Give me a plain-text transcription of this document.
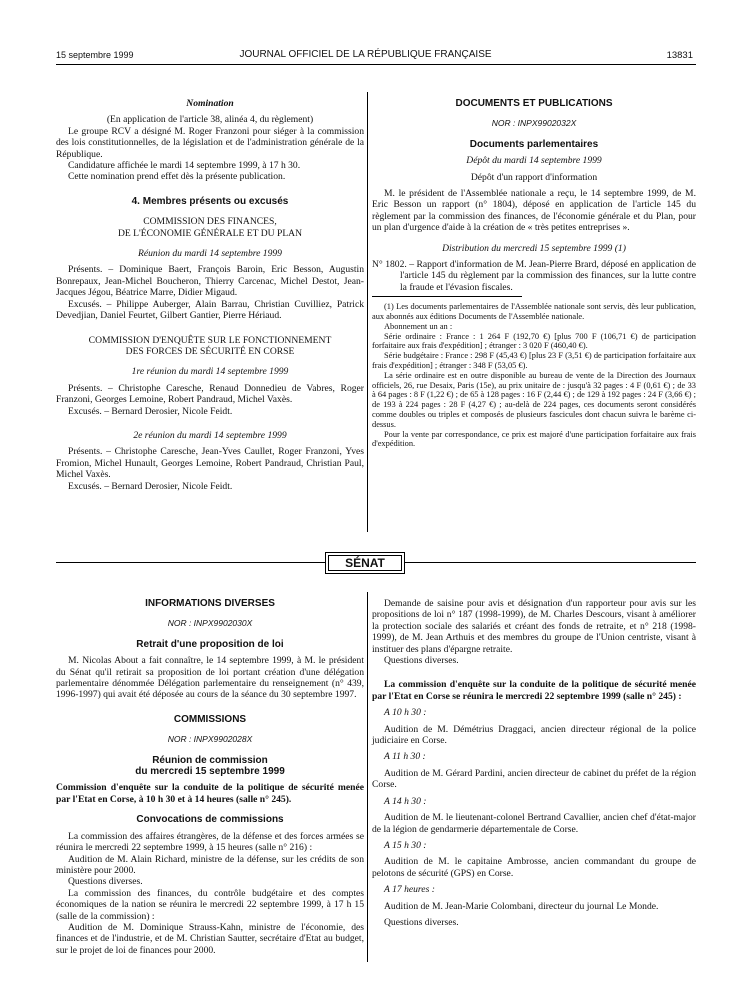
15 septembre 1999	JOURNAL OFFICIEL DE LA RÉPUBLIQUE FRANÇAISE	13831

Nomination

(En application de l'article 38, alinéa 4, du règlement)

Le groupe RCV a désigné M. Roger Franzoni pour siéger à la commission des lois constitutionnelles, de la législation et de l'administration générale de la République.

Candidature affichée le mardi 14 septembre 1999, à 17 h 30.

Cette nomination prend effet dès la présente publication.

4. Membres présents ou excusés

COMMISSION DES FINANCES,

DE L'ÉCONOMIE GÉNÉRALE ET DU PLAN

Réunion du mardi 14 septembre 1999

Présents. – Dominique Baert, François Baroin, Eric Besson, Augustin Bonrepaux, Jean-Michel Boucheron, Thierry Carcenac, Michel Destot, Jean-Jacques Jégou, Béatrice Marre, Didier Migaud.

Excusés. – Philippe Auberger, Alain Barrau, Christian Cuvilliez, Patrick Devedjian, Daniel Feurtet, Gilbert Gantier, Pierre Hériaud.

COMMISSION D'ENQUÊTE SUR LE FONCTIONNEMENT

DES FORCES DE SÉCURITÉ EN CORSE

1re réunion du mardi 14 septembre 1999

Présents. – Christophe Caresche, Renaud Donnedieu de Vabres, Roger Franzoni, Georges Lemoine, Robert Pandraud, Michel Vaxès.

Excusés. – Bernard Derosier, Nicole Feidt.

2e réunion du mardi 14 septembre 1999

Présents. – Christophe Caresche, Jean-Yves Caullet, Roger Franzoni, Yves Fromion, Michel Hunault, Georges Lemoine, Robert Pandraud, Christian Paul, Michel Vaxès.

Excusés. – Bernard Derosier, Nicole Feidt.

DOCUMENTS ET PUBLICATIONS

NOR : INPX9902032X

Documents parlementaires

Dépôt du mardi 14 septembre 1999

Dépôt d'un rapport d'information

M. le président de l'Assemblée nationale a reçu, le 14 septembre 1999, de M. Eric Besson un rapport (n° 1804), déposé en application de l'article 145 du règlement par la commission des finances, de l'économie générale et du Plan, pour un plan d'urgence d'aide à la création de « très petites entreprises ».

Distribution du mercredi 15 septembre 1999 (1)

N° 1802. – Rapport d'information de M. Jean-Pierre Brard, déposé en application de l'article 145 du règlement par la commission des finances, sur la lutte contre la fraude et l'évasion fiscales.

(1) Les documents parlementaires de l'Assemblée nationale sont servis, dès leur publication, aux abonnés aux éditions Documents de l'Assemblée nationale.

Abonnement un an :

Série ordinaire : France : 1 264 F (192,70 €) [plus 700 F (106,71 €) de participation forfaitaire aux frais d'expédition] ; étranger : 3 020 F (460,40 €).

Série budgétaire : France : 298 F (45,43 €) [plus 23 F (3,51 €) de participation forfaitaire aux frais d'expédition] ; étranger : 348 F (53,05 €).

La série ordinaire est en outre disponible au bureau de vente de la Direction des Journaux officiels, 26, rue Desaix, Paris (15e), au prix unitaire de : jusqu'à 32 pages : 4 F (0,61 €) ; de 33 à 64 pages : 8 F (1,22 €) ; de 65 à 128 pages : 16 F (2,44 €) ; de 129 à 192 pages : 24 F (3,66 €) ; de 193 à 224 pages : 28 F (4,27 €) ; au-delà de 224 pages, ces documents seront considérés comme doubles ou triples et composés de plusieurs fascicules dont chacun suivra le barème ci-dessus.

Pour la vente par correspondance, ce prix est majoré d'une participation forfaitaire aux frais d'expédition.

SÉNAT

INFORMATIONS DIVERSES

NOR : INPX9902030X

Retrait d'une proposition de loi

M. Nicolas About a fait connaître, le 14 septembre 1999, à M. le président du Sénat qu'il retirait sa proposition de loi portant création d'une délégation parlementaire dénommée Délégation parlementaire du renseignement (n° 439, 1996-1997) qui avait été déposée au cours de la séance du 30 septembre 1997.

COMMISSIONS

NOR : INPX9902028X

Réunion de commission

du mercredi 15 septembre 1999

Commission d'enquête sur la conduite de la politique de sécurité menée par l'Etat en Corse, à 10 h 30 et à 14 heures (salle n° 245).

Convocations de commissions

La commission des affaires étrangères, de la défense et des forces armées se réunira le mercredi 22 septembre 1999, à 15 heures (salle n° 216) :

Audition de M. Alain Richard, ministre de la défense, sur les crédits de son ministère pour 2000.

Questions diverses.

La commission des finances, du contrôle budgétaire et des comptes économiques de la nation se réunira le mercredi 22 septembre 1999, à 17 h 15 (salle de la commission) :

Audition de M. Dominique Strauss-Kahn, ministre de l'économie, des finances et de l'industrie, et de M. Christian Sautter, secrétaire d'Etat au budget, sur le projet de loi de finances pour 2000.

Demande de saisine pour avis et désignation d'un rapporteur pour avis sur les propositions de loi n° 187 (1998-1999), de M. Charles Descours, visant à améliorer la protection sociale des salariés et créant des fonds de retraite, et n° 218 (1998-1999), de M. Jean Arthuis et des membres du groupe de l'Union centriste, visant à instituer des plans d'épargne retraite.

Questions diverses.

La commission d'enquête sur la conduite de la politique de sécurité menée par l'Etat en Corse se réunira le mercredi 22 septembre 1999 (salle n° 245) :

A 10 h 30 :

Audition de M. Démétrius Draggaci, ancien directeur régional de la police judiciaire en Corse.

A 11 h 30 :

Audition de M. Gérard Pardini, ancien directeur de cabinet du préfet de la région Corse.

A 14 h 30 :

Audition de M. le lieutenant-colonel Bertrand Cavallier, ancien chef d'état-major de la légion de gendarmerie départementale de Corse.

A 15 h 30 :

Audition de M. le capitaine Ambrosse, ancien commandant du groupe de pelotons de sécurité (GPS) en Corse.

A 17 heures :

Audition de M. Jean-Marie Colombani, directeur du journal Le Monde.

Questions diverses.
